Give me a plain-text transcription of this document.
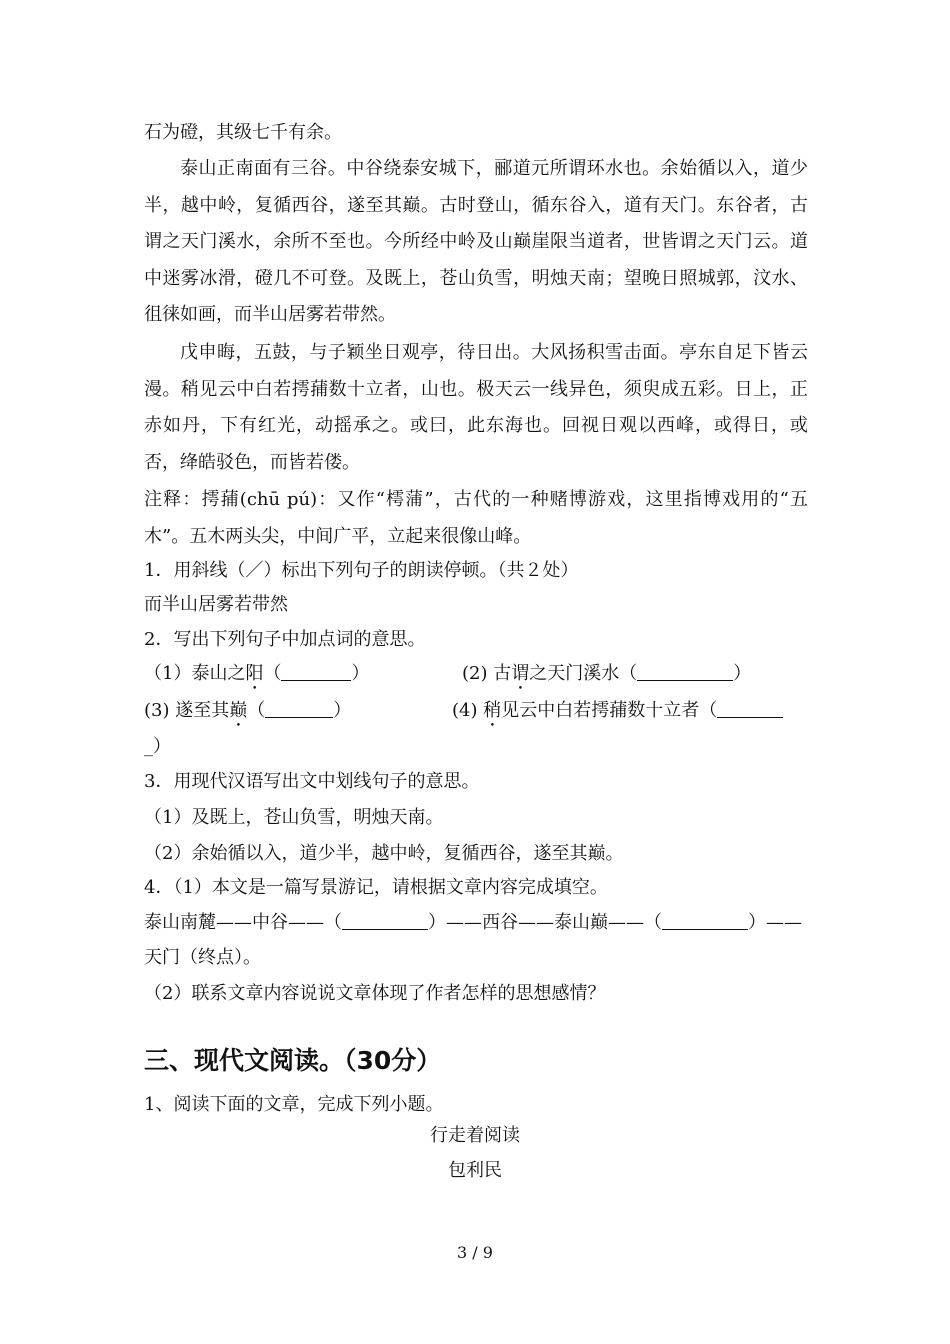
石为磴，其级七千有余。

泰山正南面有三谷。中谷绕泰安城下，郦道元所谓环水也。余始循以入，道少半，越中岭，复循西谷，遂至其巅。古时登山，循东谷入，道有天门。东谷者，古谓之天门溪水，余所不至也。今所经中岭及山巅崖限当道者，世皆谓之天门云。道中迷雾冰滑，磴几不可登。及既上，苍山负雪，明烛天南；望晚日照城郭，汶水、徂徕如画，而半山居雾若带然。

戊申晦，五鼓，与子颖坐日观亭，待日出。大风扬积雪击面。亭东自足下皆云漫。稍见云中白若摴蒱数十立者，山也。极天云一线异色，须臾成五彩。日上，正赤如丹，下有红光，动摇承之。或曰，此东海也。回视日观以西峰，或得日，或否，绛皓驳色，而皆若偻。

注释：摴蒱(chū pú)：又作“樗蒲”，古代的一种赌博游戏，这里指博戏用的“五木”。五木两头尖，中间广平，立起来很像山峰。

1．用斜线（／）标出下列句子的朗读停顿。（共２处）
而半山居雾若带然
2．写出下列句子中加点词的意思。
（1）泰山之阳（	）	(2) 古谓之天门溪水（	）
(3) 遂至其巅（	）	(4) 稍见云中白若摴蒱数十立者（
_）
3．用现代汉语写出文中划线句子的意思。
（1）及既上，苍山负雪，明烛天南。
（2）余始循以入，道少半，越中岭，复循西谷，遂至其巅。
4．（1）本文是一篇写景游记，请根据文章内容完成填空。
泰山南麓——中谷——（	）——西谷——泰山巅——（	）——
天门（终点）。
（2）联系文章内容说说文章体现了作者怎样的思想感情？
三、现代文阅读。（30分）
1、阅读下面的文章，完成下列小题。
行走着阅读
包利民
3 / 9
